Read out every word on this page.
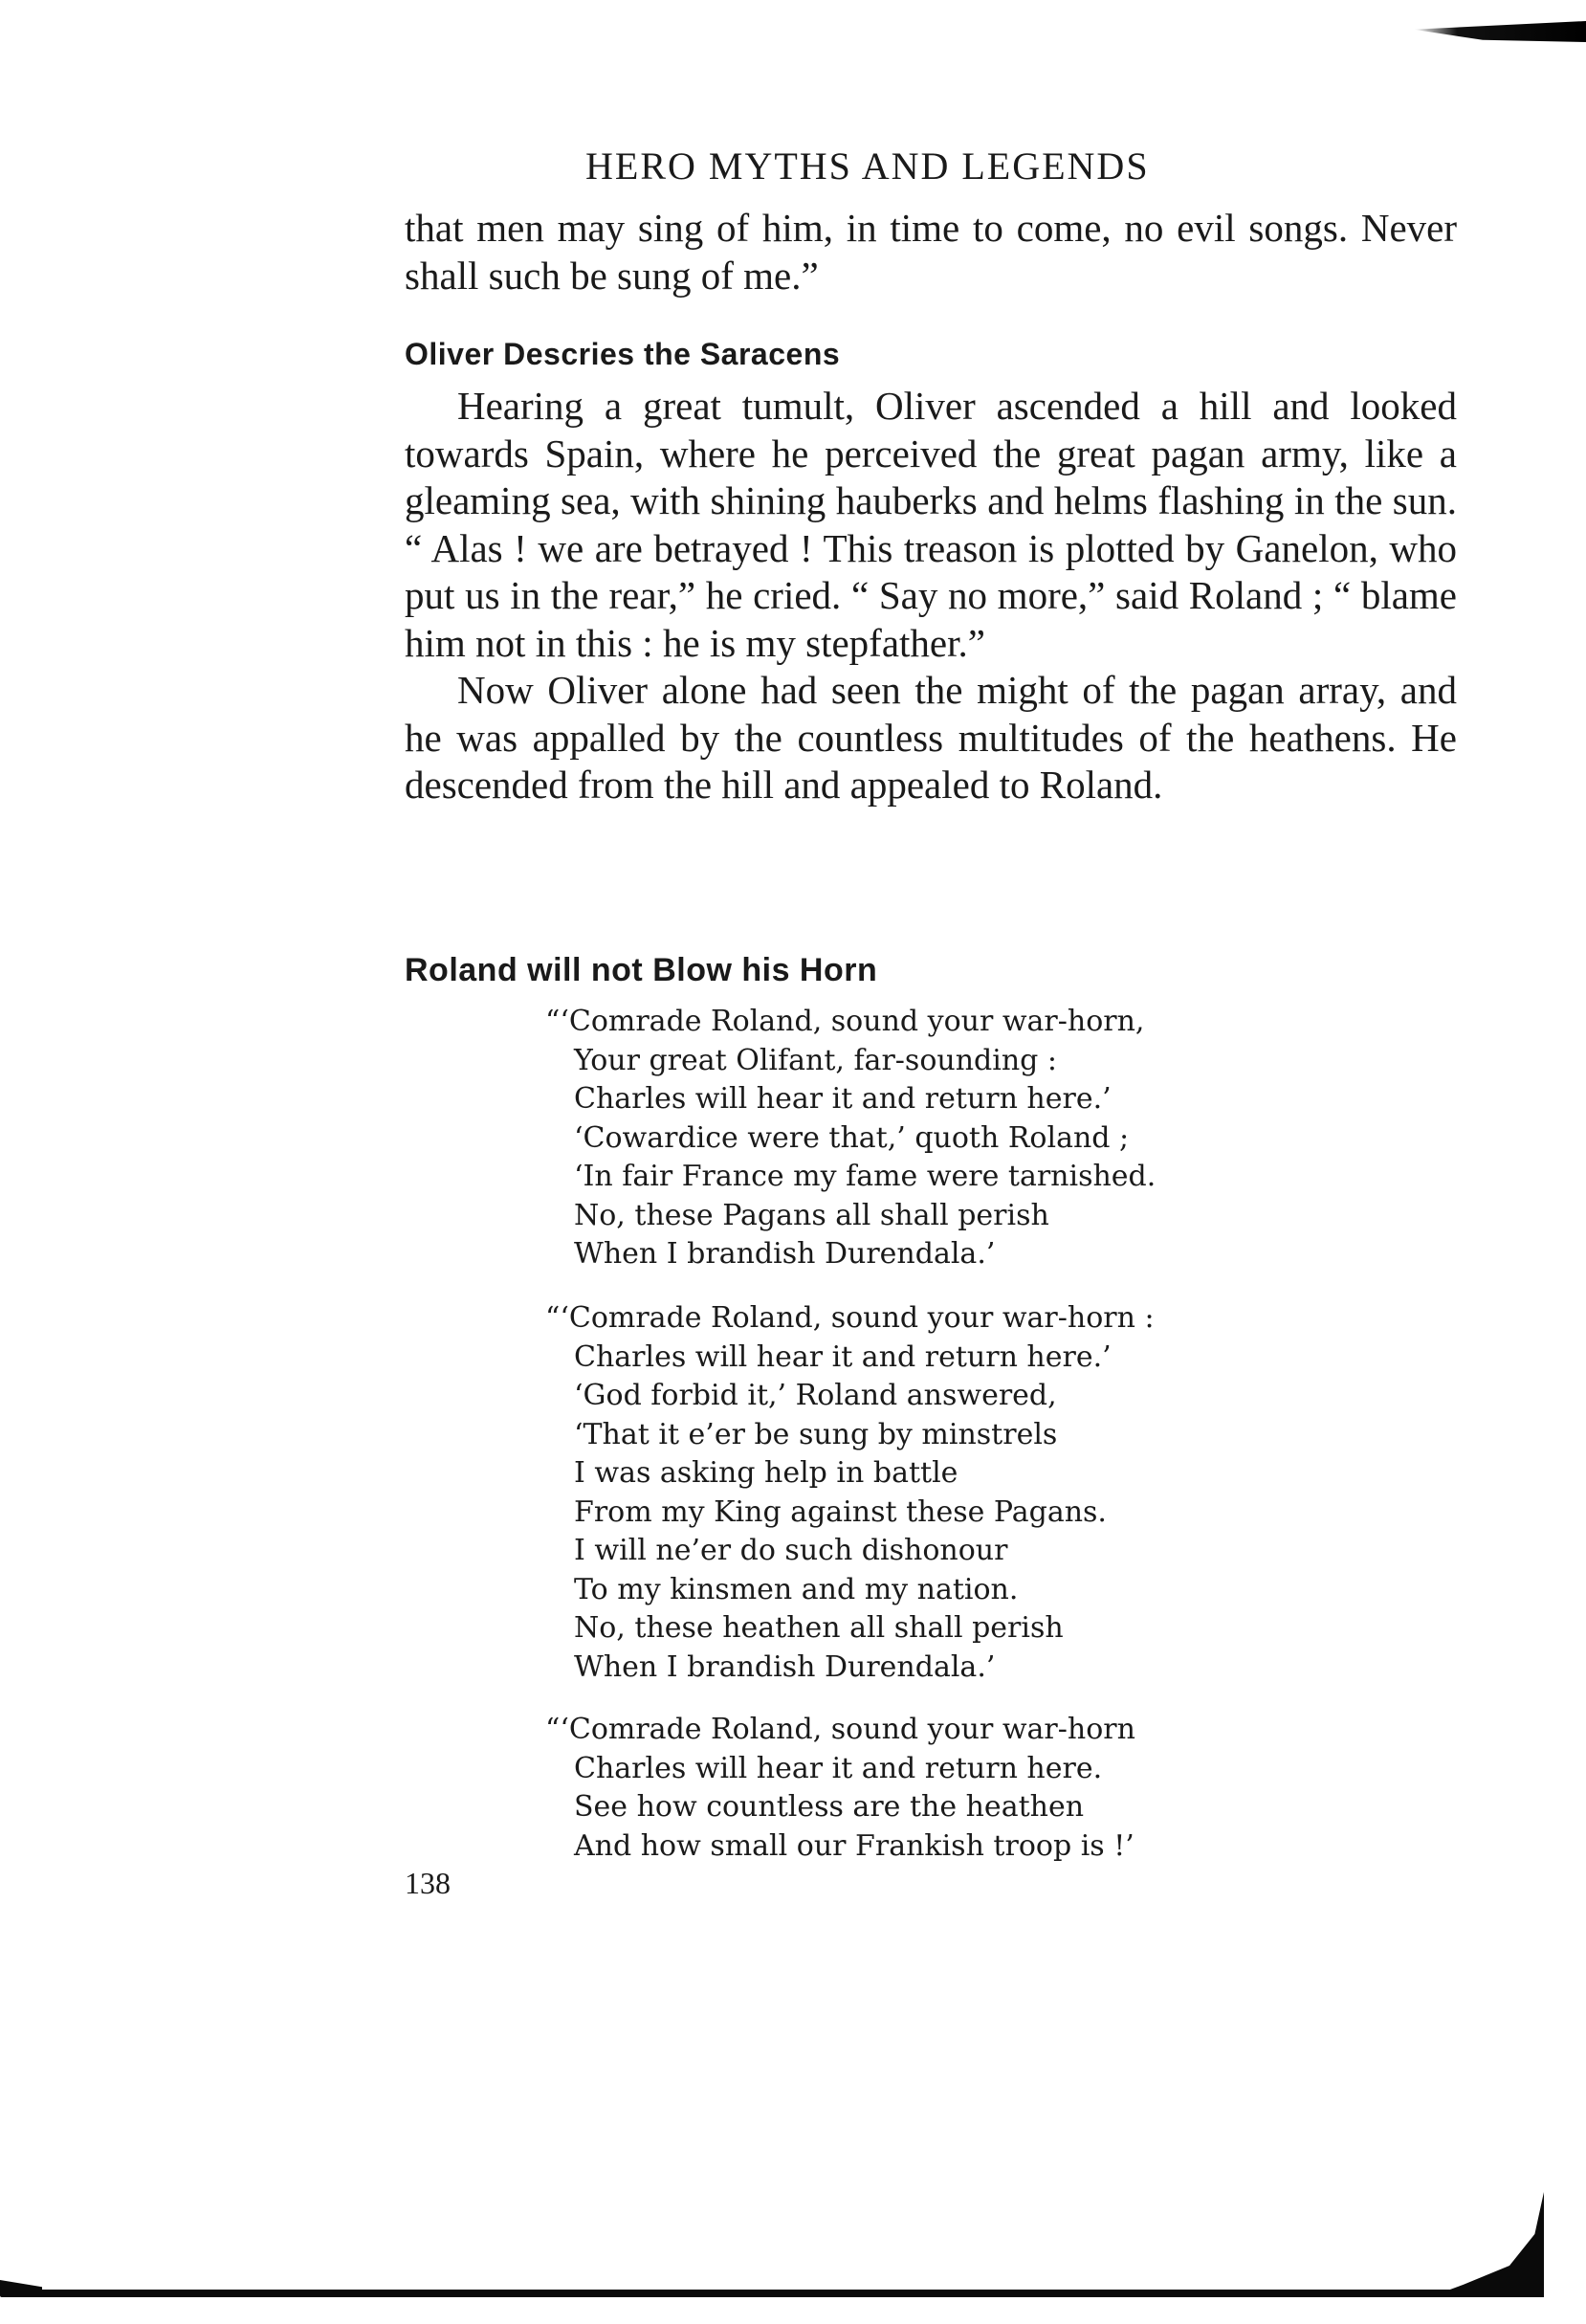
HERO MYTHS AND LEGENDS

that men may sing of him, in time to come, no evil songs. Never shall such be sung of me.”

Oliver Descries the Saracens

Hearing a great tumult, Oliver ascended a hill and looked towards Spain, where he perceived the great pagan army, like a gleaming sea, with shining hauberks and helms flashing in the sun. “ Alas ! we are betrayed ! This treason is plotted by Ganelon, who put us in the rear,” he cried. “ Say no more,” said Roland ; “ blame him not in this : he is my stepfather.”

Now Oliver alone had seen the might of the pagan array, and he was appalled by the countless multitudes of the heathens. He descended from the hill and appealed to Roland.

Roland will not Blow his Horn
“‘Comrade Roland, sound your war-horn,
Your great Olifant, far-sounding :
Charles will hear it and return here.’
‘Cowardice were that,’ quoth Roland ;
‘In fair France my fame were tarnished.
No, these Pagans all shall perish
When I brandish Durendala.’
“‘Comrade Roland, sound your war-horn :
Charles will hear it and return here.’
‘God forbid it,’ Roland answered,
‘That it e’er be sung by minstrels
I was asking help in battle
From my King against these Pagans.
I will ne’er do such dishonour
To my kinsmen and my nation.
No, these heathen all shall perish
When I brandish Durendala.’
“‘Comrade Roland, sound your war-horn
Charles will hear it and return here.
See how countless are the heathen
And how small our Frankish troop is !’
138
